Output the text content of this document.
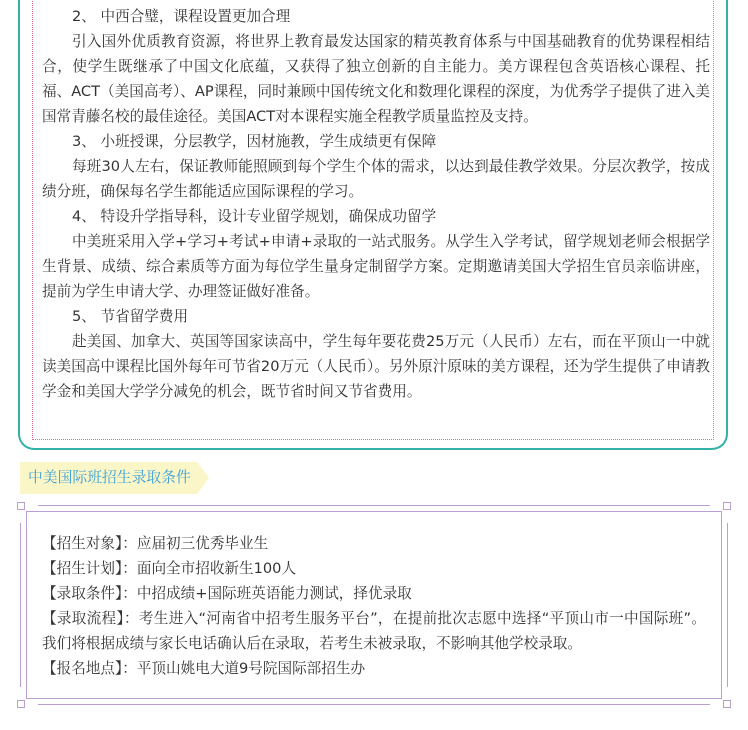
2、 中西合璧，课程设置更加合理

引入国外优质教育资源，将世界上教育最发达国家的精英教育体系与中国基础教育的优势课程相结合，使学生既继承了中国文化底蕴，又获得了独立创新的自主能力。美方课程包含英语核心课程、托福、ACT（美国高考）、AP课程，同时兼顾中国传统文化和数理化课程的深度，为优秀学子提供了进入美国常青藤名校的最佳途径。美国ACT对本课程实施全程教学质量监控及支持。

3、 小班授课，分层教学，因材施教，学生成绩更有保障

每班30人左右，保证教师能照顾到每个学生个体的需求，以达到最佳教学效果。分层次教学，按成绩分班，确保每名学生都能适应国际课程的学习。

4、 特设升学指导科，设计专业留学规划，确保成功留学

中美班采用入学+学习+考试+申请+录取的一站式服务。从学生入学考试，留学规划老师会根据学生背景、成绩、综合素质等方面为每位学生量身定制留学方案。定期邀请美国大学招生官员亲临讲座，提前为学生申请大学、办理签证做好准备。

5、 节省留学费用

赴美国、加拿大、英国等国家读高中，学生每年要花费25万元（人民币）左右，而在平顶山一中就读美国高中课程比国外每年可节省20万元（人民币）。另外原汁原味的美方课程，还为学生提供了申请教学金和美国大学学分减免的机会，既节省时间又节省费用。

中美国际班招生录取条件

【招生对象】：应届初三优秀毕业生

【招生计划】：面向全市招收新生100人

【录取条件】：中招成绩+国际班英语能力测试，择优录取

【录取流程】：考生进入“河南省中招考生服务平台”，在提前批次志愿中选择“平顶山市一中国际班”。我们将根据成绩与家长电话确认后在录取，若考生未被录取，不影响其他学校录取。

【报名地点】：平顶山姚电大道9号院国际部招生办
